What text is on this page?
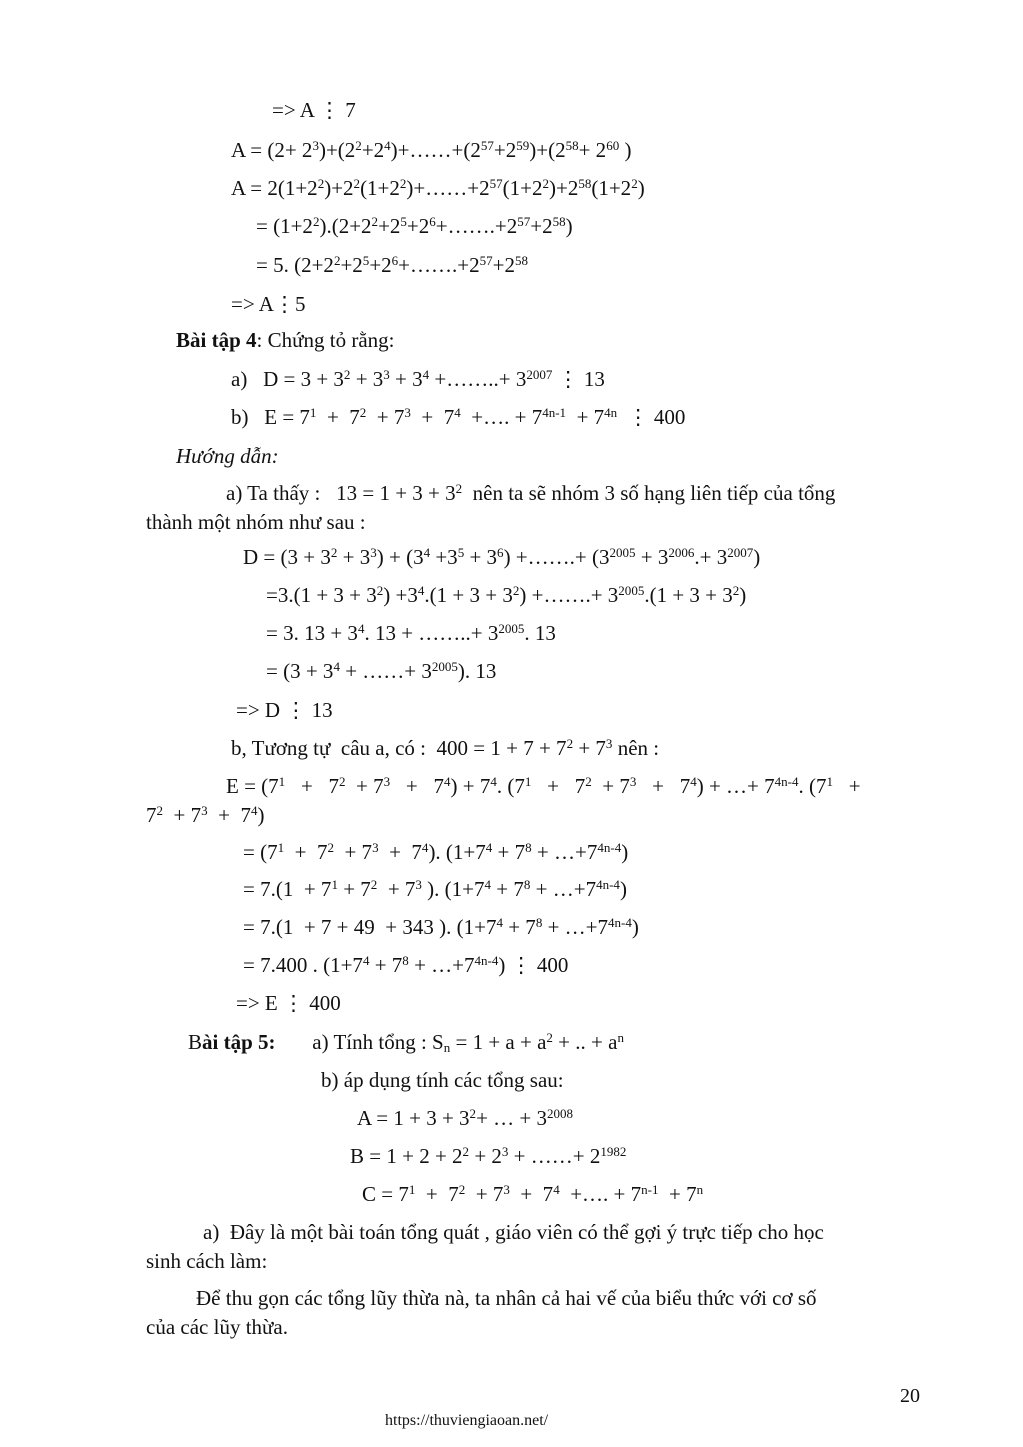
=> A ⋮ 7
$A = (2+ 2^3)+(2^2+2^4)+\dots\dots+(2^{57}+2^{59})+(2^{58}+ 2^{60}$ )
$A = 2(1+2^2)+2^2(1+2^2)+\dots\dots+2^{57}(1+2^2)+2^{58}(1+2^2)$
= $(1+2^2).(2+2^2+2^5+2^6+\dots\dots.+2^{57}+2^{58})$
= 5. ($2+2^2+2^5+2^6+\dots\dots.+2^{57}+2^{58}$
=> A⋮5
Bài tập 4: Chứng tỏ rằng:
a)   $D = 3 + 3^2 + 3^3 + 3^4$ +……..+ $3^{2007}$ ⋮ 13
b)   $E = 7^1 + 7^2 + 7^3 + 7^4$  +…. + $7^{4n-1} + 7^{4n}$  ⋮ 400
Hướng dẫn:
a) Ta thấy :   $13 = 1 + 3 + 3^2$  nên ta sẽ nhóm 3 số hạng liên tiếp của tổng
thành một nhóm như sau :
$D = (3 + 3^2 + 3^3) + (3^4 +3^5 + 3^6)$ +…….+ $(3^{2005} + 3^{2006}.+ 3^{2007})$
$=3.(1 + 3 + 3^2) +3^4.(1 + 3 + 3^2)$ +…….+ $3^{2005}.(1 + 3 + 3^2)$
= 3. $13 + 3^4$. 13 + ……..+ $3^{2005}$. 13
= ($3 + 3^4$ + ……+ $3^{2005}$). 13
=> D ⋮ 13
b, Tương tự  câu a, có :  $400 = 1 + 7 + 7^2 + 7^3$ nên :
$E = (7^1 + 7^2 + 7^3 + 7^4) + 7^4$. $(7^1 + 7^2 + 7^3 + 7^4)$ + …+ $7^{4n-4}$. ($7^1$   +
$7^2 + 7^3 + 7^4$)
= $(7^1 + 7^2 + 7^3 + 7^4)$. ($1+7^4 + 7^8$ + $\dots+7^{4n-4}$)
= $7.(1 + 7^1 + 7^2 + 7^3$ ). ($1+7^4 + 7^8$ + $\dots+7^{4n-4}$)
= 7.(1  + 7 + 49  + 343 ). ($1+7^4 + 7^8$ + $\dots+7^{4n-4}$)
= 7.400 . ($1+7^4 + 7^8$ + $\dots+7^{4n-4}$) ⋮ 400
=> E ⋮ 400
Bài tập 5:       a) Tính tổng : $S_n = 1 + a + a^2$ + .. + $a^n$
b) áp dụng tính các tổng sau:
$A = 1 + 3 + 3^2+$ … + $3^{2008}$
$B = 1 + 2 + 2^2 + 2^3$ + ……+ $2^{1982}$
$C = 7^1 + 7^2 + 7^3 + 7^4$  +…. + $7^{n-1} + 7^n$
a)  Đây là một bài toán tổng quát , giáo viên có thể gợi ý trực tiếp cho học
sinh cách làm:
Để thu gọn các tổng lũy thừa nà, ta nhân cả hai vế của biểu thức với cơ số
của các lũy thừa.
20
https://thuviengiaoan.net/
